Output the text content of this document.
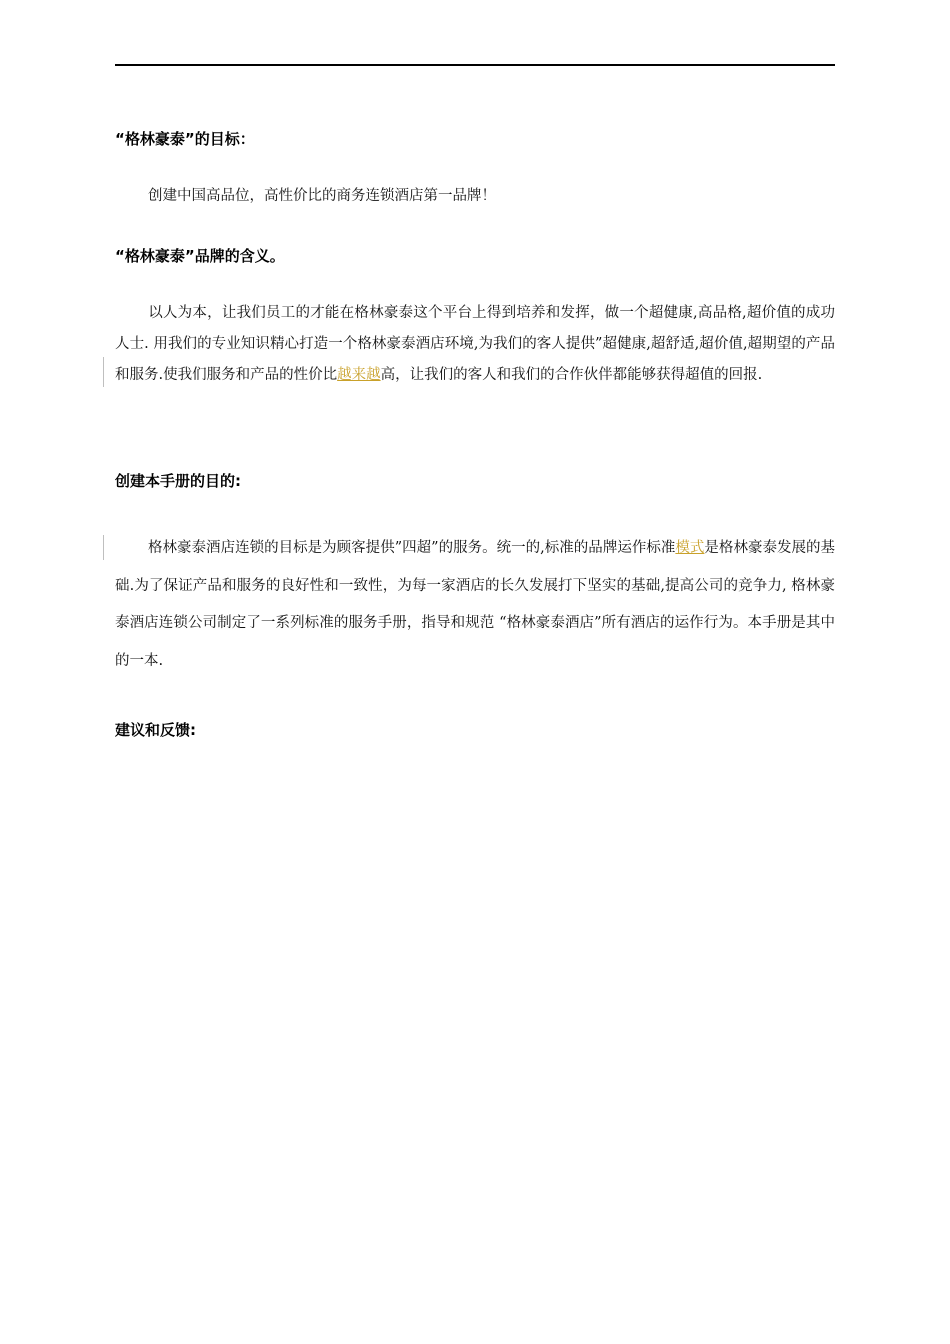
“格林豪泰”的目标：
创建中国高品位，高性价比的商务连锁酒店第一品牌！
“格林豪泰”品牌的含义。
以人为本，让我们员工的才能在格林豪泰这个平台上得到培养和发挥，做一个超健康,高品格,超价值的成功人士. 用我们的专业知识精心打造一个格林豪泰酒店环境,为我们的客人提供”超健康,超舒适,超价值,超期望的产品和服务.使我们服务和产品的性价比越来越高，让我们的客人和我们的合作伙伴都能够获得超值的回报.
创建本手册的目的:
格林豪泰酒店连锁的目标是为顾客提供”四超”的服务。统一的,标准的品牌运作标准模式是格林豪泰发展的基础.为了保证产品和服务的良好性和一致性，为每一家酒店的长久发展打下坚实的基础,提高公司的竞争力, 格林豪泰酒店连锁公司制定了一系列标准的服务手册，指导和规范 “格林豪泰酒店”所有酒店的运作行为。本手册是其中的一本.
建议和反馈:
